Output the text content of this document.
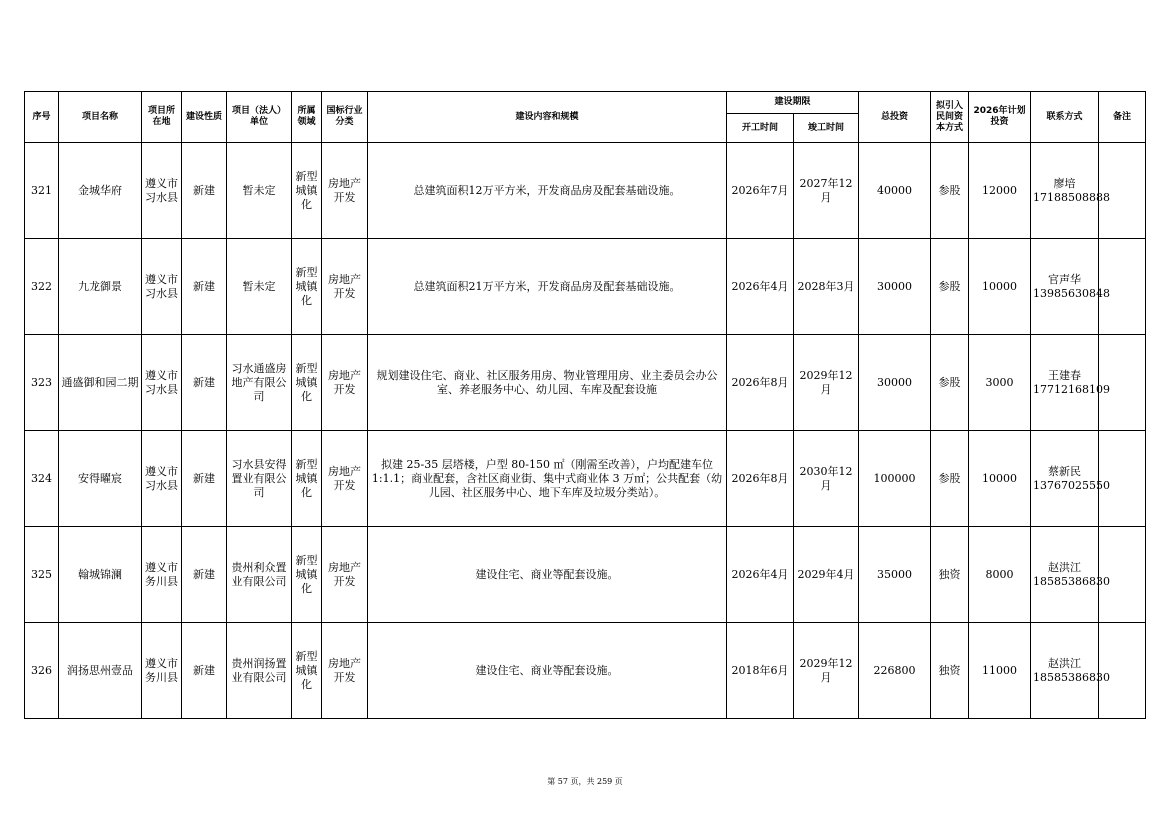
序号	项目名称	项目所在地	建设性质	项目（法人）单位	所属领域	国标行业分类	建设内容和规模	建设期限		总投资	拟引入民间资本方式	2026年计划投资	联系方式	备注
								开工时间	竣工时间					
321	金城华府	遵义市习水县	新建	暂未定	新型城镇化	房地产开发	总建筑面积12万平方米，开发商品房及配套基础设施。	2026年7月	2027年12月	40000	参股	12000	廖培
17188508888	

322	九龙御景	遵义市习水县	新建	暂未定	新型城镇化	房地产开发	总建筑面积21万平方米，开发商品房及配套基础设施。	2026年4月	2028年3月	30000	参股	10000	官声华
13985630848	

323	通盛御和园二期	遵义市习水县	新建	习水通盛房地产有限公司	新型城镇化	房地产开发	规划建设住宅、商业、社区服务用房、物业管理用房、业主委员会办公室、养老服务中心、幼儿园、车库及配套设施	2026年8月	2029年12月	30000	参股	3000	王建春
17712168109	

324	安得曜宸	遵义市习水县	新建	习水县安得置业有限公司	新型城镇化	房地产开发	拟建 25-35 层塔楼，户型 80-150 ㎡（刚需至改善），户均配建车位 1:1.1；商业配套，含社区商业街、集中式商业体 3 万㎡；公共配套（幼儿园、社区服务中心、地下车库及垃圾分类站）。	2026年8月	2030年12月	100000	参股	10000	蔡新民
13767025550	

325	翰城锦澜	遵义市务川县	新建	贵州利众置业有限公司	新型城镇化	房地产开发	建设住宅、商业等配套设施。	2026年4月	2029年4月	35000	独资	8000	赵洪江
18585386830	

326	润扬思州壹品	遵义市务川县	新建	贵州润扬置业有限公司	新型城镇化	房地产开发	建设住宅、商业等配套设施。	2018年6月	2029年12月	226800	独资	11000	赵洪江
18585386830	

第 57 页，共 259 页
